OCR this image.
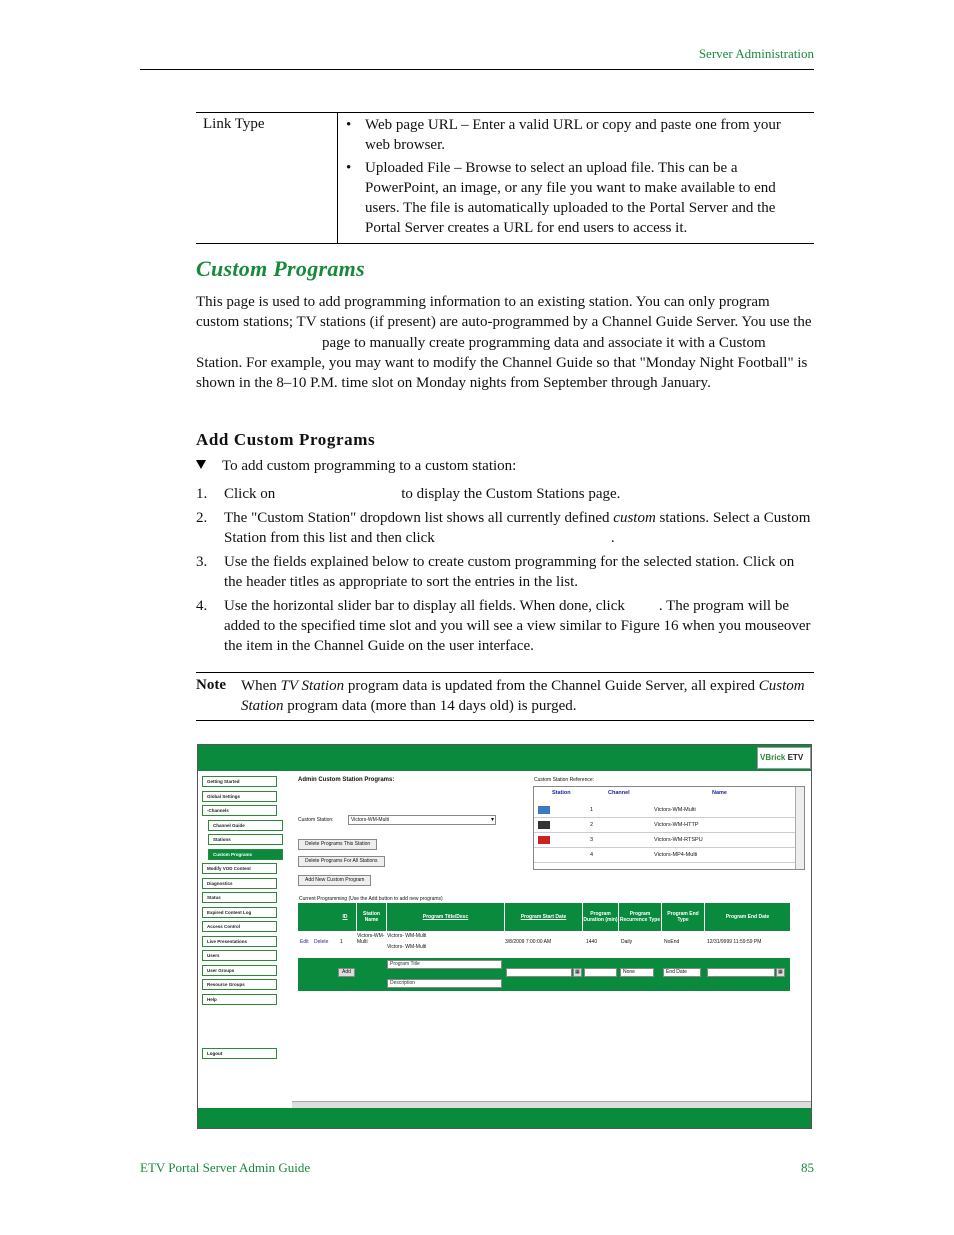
Server Administration
Link Type
•	Web page URL – Enter a valid URL or copy and paste one from your web browser.
• Uploaded File – Browse to select an upload file. This can be a PowerPoint, an image, or any file you want to make available to end users. The file is automatically uploaded to the Portal Server and the Portal Server creates a URL for end users to access it.
Custom Programs
This page is used to add programming information to an existing station. You can only program custom stations; TV stations (if present) are auto-programmed by a Channel Guide Server. You use thepage to manually create programming data and associate it with a Custom Station. For example, you may want to modify the Channel Guide so that "Monday Night Football" is shown in the 8–10 P.M. time slot on Monday nights from September through January.
Add Custom Programs
To add custom programming to a custom station:
1. Click on	to display the Custom Stations page.
2. The "Custom Station" dropdown list shows all currently defined custom stations. Select a Custom Station from this list and then click	.
3. Use the fields explained below to create custom programming for the selected station. Click on the header titles as appropriate to sort the entries in the list.
4. Use the horizontal slider bar to display all fields. When done, click . The program will be added to the specified time slot and you will see a view similar to Figure 16 when you mouseover the item in the Channel Guide on the user interface.
Note When TV Station program data is updated from the Channel Guide Server, all expired Custom Station program data (more than 14 days old) is purged.
VBrick ETV
Getting Started
Global Settings
-Channels
Channel Guide
Stations
Custom Programs
Modify VOD Content
Diagnostics
Status
Expired Content Log
Access Control
Live Presentations
Users
User Groups
Resource Groups
Help
Logout
Admin Custom Station Programs:
Custom Station:	Victors-WM-Multi ▾
Delete Programs This Station
Delete Programs For All Stations
Add New Custom Program
Custom Station Reference:
Station	Channel	Name
1	Victors-WM-Multi
2	Victors-WM-HTTP
3	Victors-WM-RTSPU
4	Victors-MP4-Multi
Current Programming (Use the Add button to add new programs)
ID	Station Name	Program Title/Desc	Program Start Date	Program Duration (min)
Program Recurrence Type
Program End Type	Program End Date
Edit Delete 1
Victors-WM-Multi
Victors- WM-Multi
Victors- WM-Multi
3/8/2009 7:00:00 AM	1440	Daily	NoEnd	12/31/9999 11:59:59 PM
Add
Program Title
Description
▦	None	End Date	▦
ETV Portal Server Admin Guide	85
